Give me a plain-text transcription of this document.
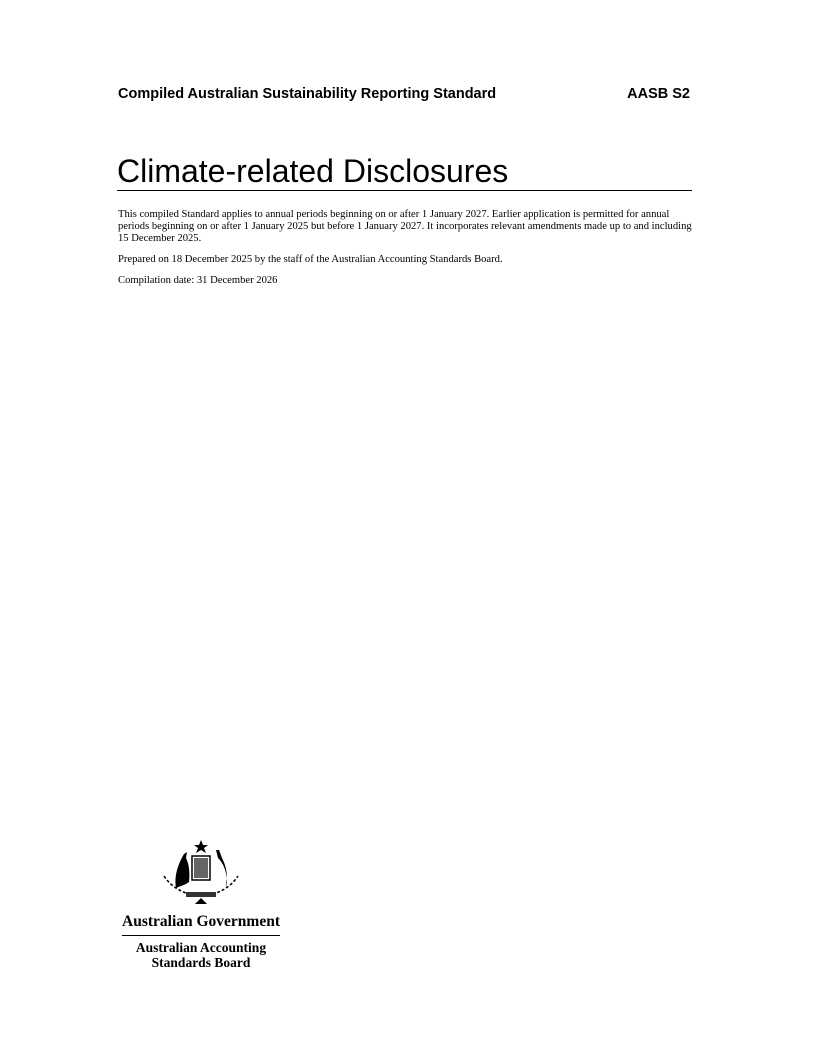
Compiled Australian Sustainability Reporting Standard	AASB S2
Climate-related Disclosures

This compiled Standard applies to annual periods beginning on or after 1 January 2027. Earlier application is permitted for annual periods beginning on or after 1 January 2025 but before 1 January 2027. It incorporates relevant amendments made up to and including 15 December 2025.

Prepared on 18 December 2025 by the staff of the Australian Accounting Standards Board.

Compilation date: 31 December 2026

Australian Government
Australian Accounting
Standards Board
